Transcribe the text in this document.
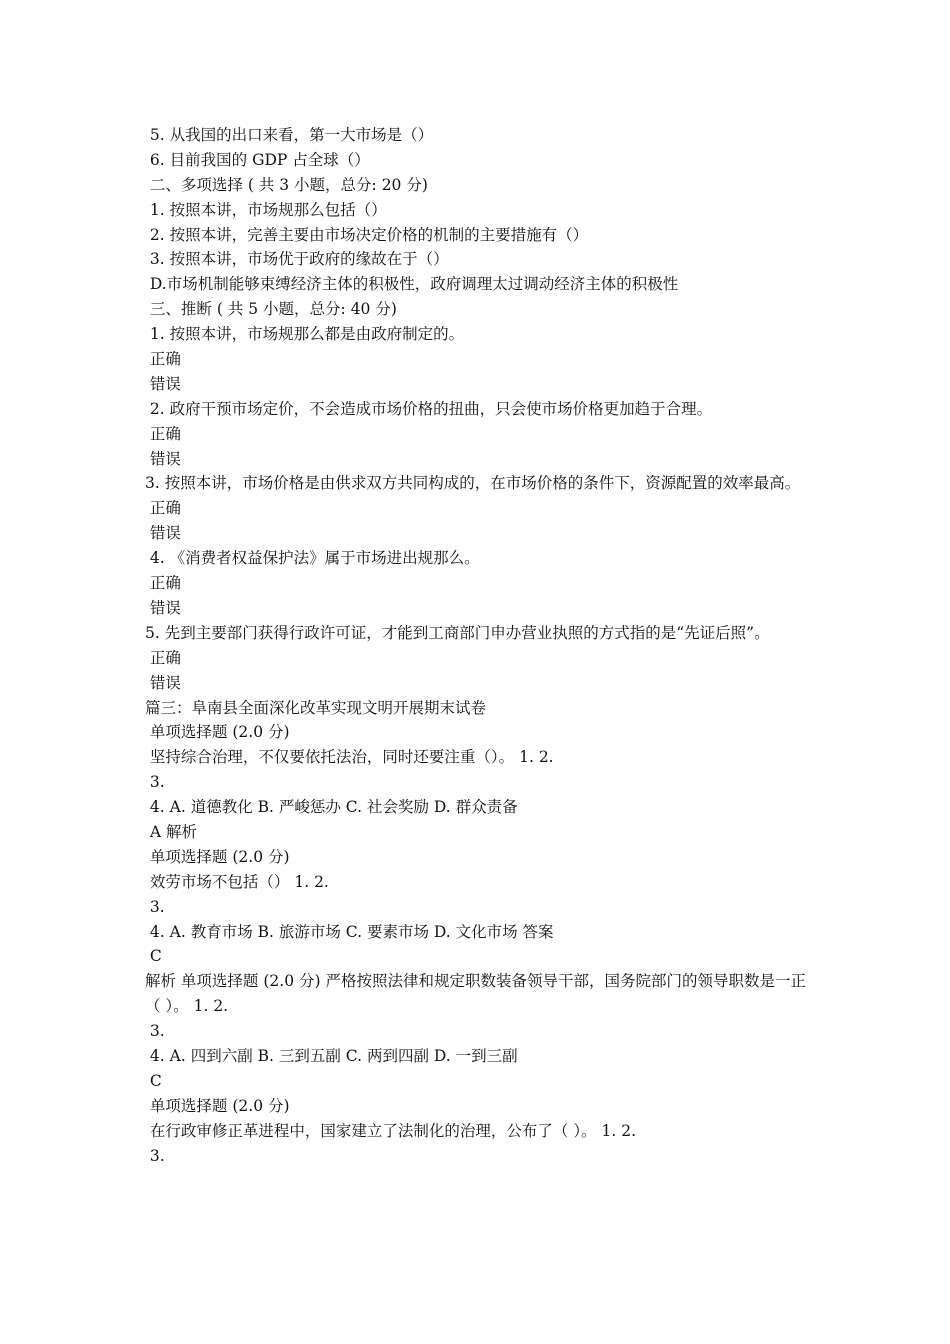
5. 从我国的出口来看，第一大市场是（）
6. 目前我国的 GDP 占全球（）
二、多项选择 ( 共 3 小题，总分: 20 分)
1. 按照本讲，市场规那么包括（）
2. 按照本讲，完善主要由市场决定价格的机制的主要措施有（）
3. 按照本讲，市场优于政府的缘故在于（）
D.市场机制能够束缚经济主体的积极性，政府调理太过调动经济主体的积极性
三、推断 ( 共 5 小题，总分: 40 分)
1. 按照本讲，市场规那么都是由政府制定的。
正确
错误
2. 政府干预市场定价，不会造成市场价格的扭曲，只会使市场价格更加趋于合理。
正确
错误
3. 按照本讲，市场价格是由供求双方共同构成的，在市场价格的条件下，资源配置的效率最高。
正确
错误
4. 《消费者权益保护法》属于市场进出规那么。
正确
错误
5. 先到主要部门获得行政许可证，才能到工商部门申办营业执照的方式指的是“先证后照”。
正确
错误
篇三：阜南县全面深化改革实现文明开展期末试卷
单项选择题 (2.0 分)
坚持综合治理，不仅要依托法治，同时还要注重（）。 1. 2.
3.
4. A. 道德教化 B. 严峻惩办 C. 社会奖励 D. 群众责备
A 解析
单项选择题 (2.0 分)
效劳市场不包括（） 1. 2.
3.
4. A. 教育市场 B. 旅游市场 C. 要素市场 D. 文化市场 答案
C
解析 单项选择题 (2.0 分) 严格按照法律和规定职数装备领导干部，国务院部门的领导职数是一正（ ）。 1. 2.
3.
4. A. 四到六副 B. 三到五副 C. 两到四副 D. 一到三副
C
单项选择题 (2.0 分)
在行政审修正革进程中，国家建立了法制化的治理，公布了（ ）。 1. 2.
3.
